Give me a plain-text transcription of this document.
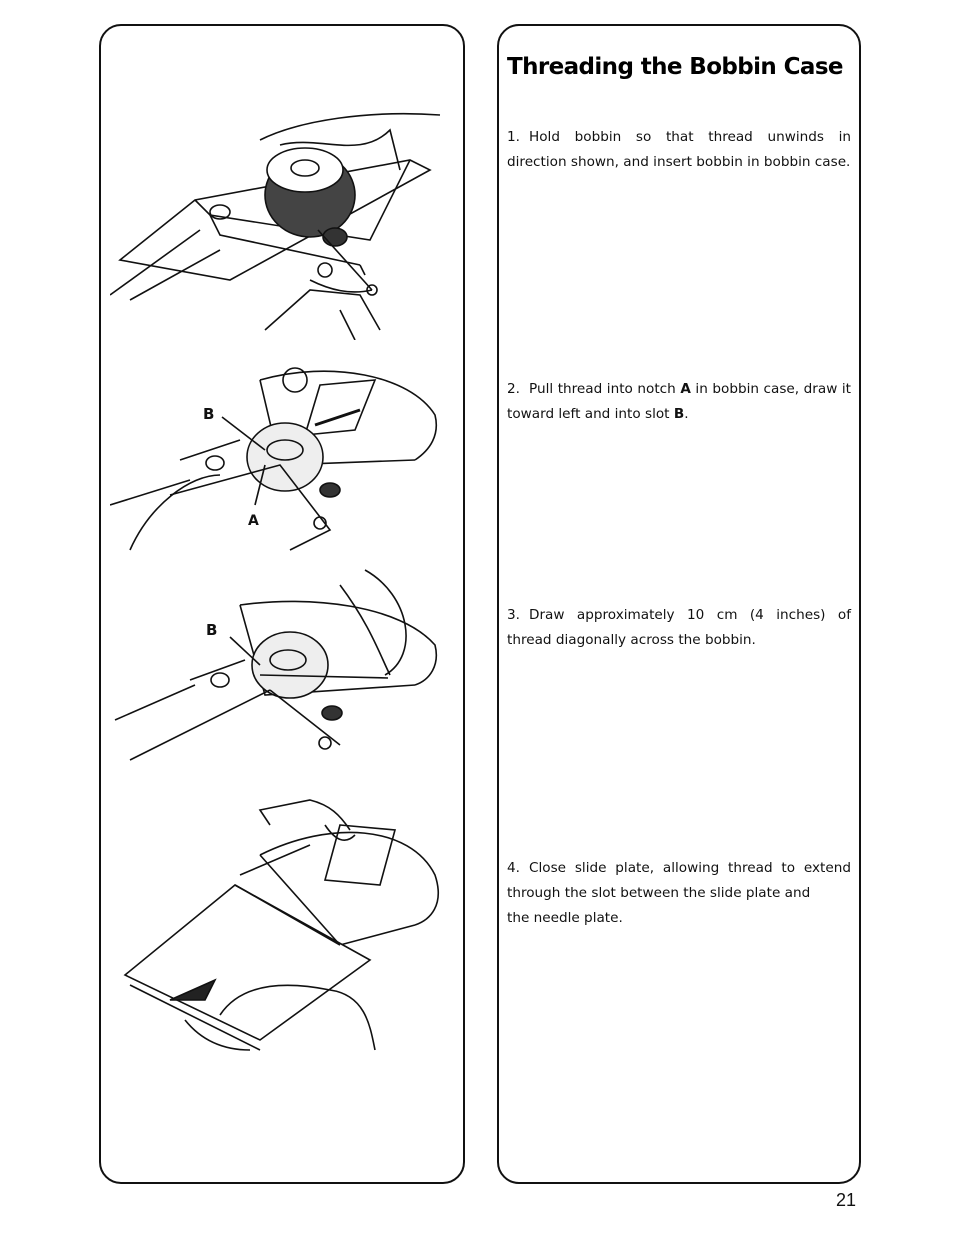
B
A
B
Threading the Bobbin Case
1. Hold bobbin so that thread unwinds in direction shown, and insert bobbin in bobbin case.
2. Pull thread into notch A in bobbin case, draw it toward left and into slot B.
3. Draw approximately 10 cm (4 inches) of thread diagonally across the bobbin.
4. Close slide plate, allowing thread to extend through the slot between the slide plate and
the needle plate.
21
